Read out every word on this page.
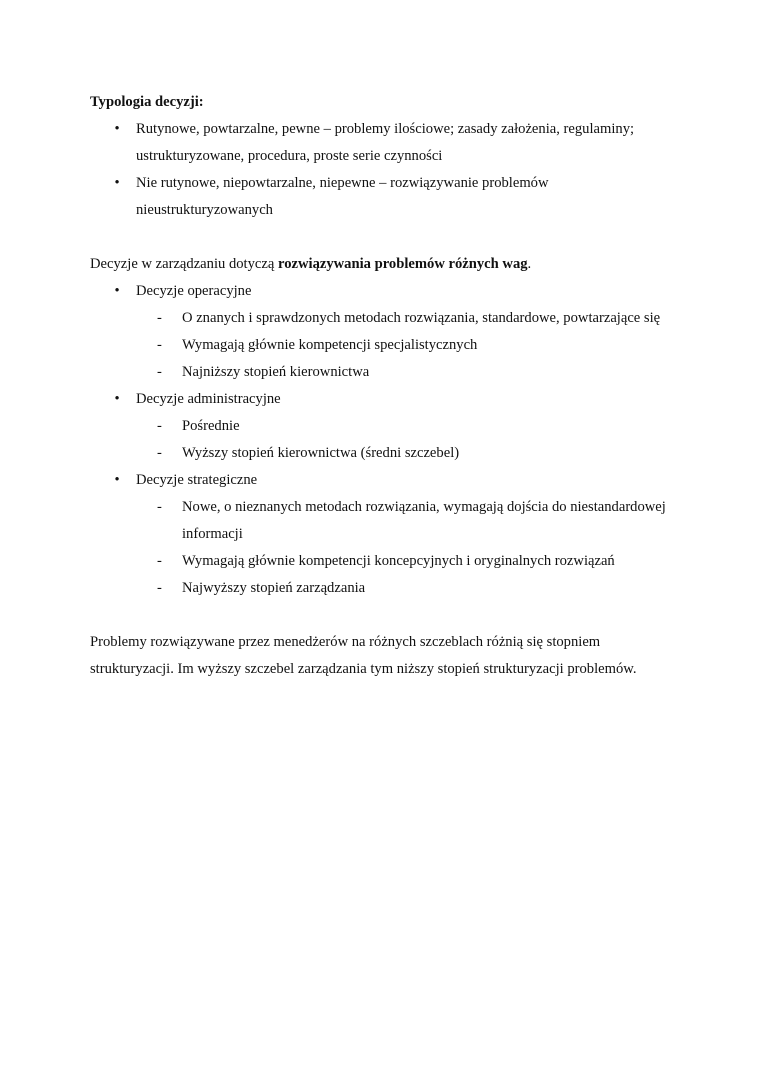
Typologia decyzji:

• Rutynowe, powtarzalne, pewne – problemy ilościowe; zasady założenia, regulaminy; ustrukturyzowane, procedura, proste serie czynności
• Nie rutynowe, niepowtarzalne, niepewne – rozwiązywanie problemów nieustrukturyzowanych

Decyzje w zarządzaniu dotyczą rozwiązywania problemów różnych wag.

• Decyzje operacyjne
- O znanych i sprawdzonych metodach rozwiązania, standardowe, powtarzające się
- Wymagają głównie kompetencji specjalistycznych
- Najniższy stopień kierownictwa
• Decyzje administracyjne
- Pośrednie
- Wyższy stopień kierownictwa (średni szczebel)
• Decyzje strategiczne
- Nowe, o nieznanych metodach rozwiązania, wymagają dojścia do niestandardowej informacji
- Wymagają głównie kompetencji koncepcyjnych i oryginalnych rozwiązań
- Najwyższy stopień zarządzania

Problemy rozwiązywane przez menedżerów na różnych szczeblach różnią się stopniem strukturyzacji. Im wyższy szczebel zarządzania tym niższy stopień strukturyzacji problemów.
